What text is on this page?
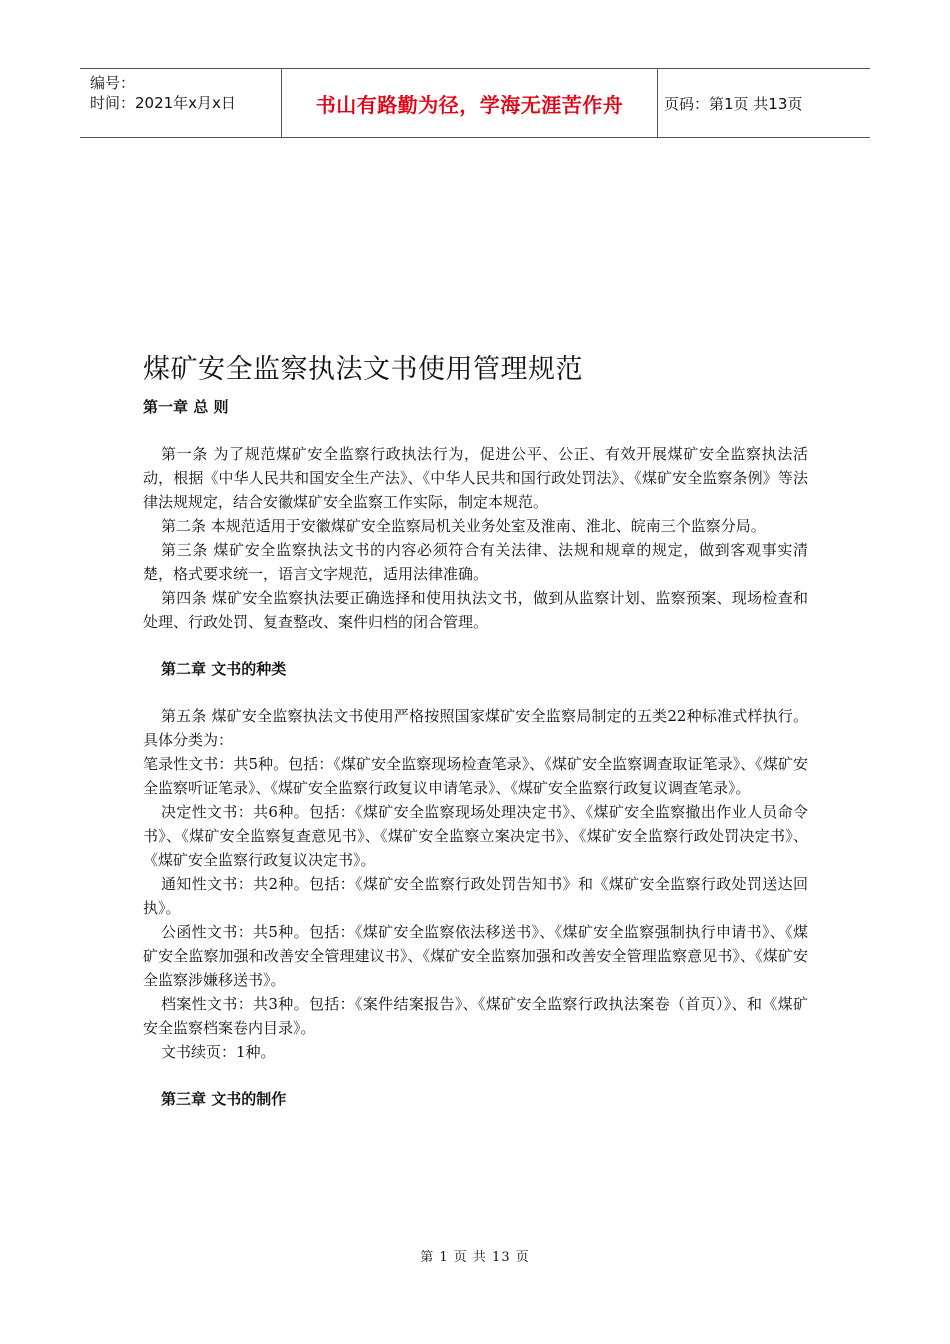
编号：
时间：2021年x月x日	书山有路勤为径，学海无涯苦作舟	页码：第1页 共13页
煤矿安全监察执法文书使用管理规范
第一章 总 则
第一条 为了规范煤矿安全监察行政执法行为，促进公平、公正、有效开展煤矿安全监察执法活动，根据《中华人民共和国安全生产法》、《中华人民共和国行政处罚法》、《煤矿安全监察条例》等法律法规规定，结合安徽煤矿安全监察工作实际，制定本规范。
第二条 本规范适用于安徽煤矿安全监察局机关业务处室及淮南、淮北、皖南三个监察分局。
第三条 煤矿安全监察执法文书的内容必须符合有关法律、法规和规章的规定，做到客观事实清楚，格式要求统一，语言文字规范，适用法律准确。
第四条 煤矿安全监察执法要正确选择和使用执法文书，做到从监察计划、监察预案、现场检查和处理、行政处罚、复查整改、案件归档的闭合管理。
第二章 文书的种类
第五条 煤矿安全监察执法文书使用严格按照国家煤矿安全监察局制定的五类22种标准式样执行。具体分类为：
笔录性文书：共5种。包括：《煤矿安全监察现场检查笔录》、《煤矿安全监察调查取证笔录》、《煤矿安全监察听证笔录》、《煤矿安全监察行政复议申请笔录》、《煤矿安全监察行政复议调查笔录》。
决定性文书：共6种。包括：《煤矿安全监察现场处理决定书》、《煤矿安全监察撤出作业人员命令书》、《煤矿安全监察复查意见书》、《煤矿安全监察立案决定书》、《煤矿安全监察行政处罚决定书》、《煤矿安全监察行政复议决定书》。
通知性文书：共2种。包括：《煤矿安全监察行政处罚告知书》和《煤矿安全监察行政处罚送达回执》。
公函性文书：共5种。包括：《煤矿安全监察依法移送书》、《煤矿安全监察强制执行申请书》、《煤矿安全监察加强和改善安全管理建议书》、《煤矿安全监察加强和改善安全管理监察意见书》、《煤矿安全监察涉嫌移送书》。
档案性文书：共3种。包括：《案件结案报告》、《煤矿安全监察行政执法案卷（首页）》、和《煤矿安全监察档案卷内目录》。
文书续页：1种。
第三章 文书的制作
第 1 页 共 13 页
